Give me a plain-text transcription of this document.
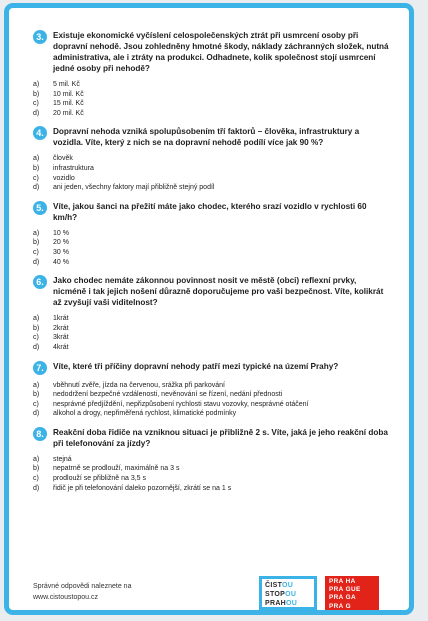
3.	Existuje ekonomické vyčíslení celospolečenských ztrát při usmrcení osoby při dopravní nehodě. Jsou zohledněny hmotné škody, náklady záchranných složek, nutná administrativa, ale i ztráty na produkci. Odhadnete, kolik společnost stojí usmrcení jedné osoby při nehodě?
a)	5 mil. Kč
b)	10 mil. Kč
c)	15 mil. Kč
d)	20 mil. Kč
4.	Dopravní nehoda vzniká spolupůsobením tří faktorů – člověka, infrastruktury a vozidla. Víte, který z nich se na dopravní nehodě podílí více jak 90 %?
a)	člověk
b)	infrastruktura
c)	vozidlo
d)	ani jeden, všechny faktory mají přibližně stejný podíl
5.	Víte, jakou šanci na přežití máte jako chodec, kterého srazí vozidlo v rychlosti 60 km/h?
a)	10 %
b)	20 %
c)	30 %
d)	40 %
6.	Jako chodec nemáte zákonnou povinnost nosit ve městě (obci) reflexní prvky, nicméně i tak jejich nošení důrazně doporučujeme pro vaši bezpečnost. Víte, kolikrát až zvyšují vaši viditelnost?
a)	1krát
b)	2krát
c)	3krát
d)	4krát
7.	Víte, které tři příčiny dopravní nehody patří mezi typické na území Prahy?
a)	vběhnutí zvěře, jízda na červenou, srážka při parkování
b)	nedodržení bezpečné vzdálenosti, nevěnování se řízení, nedání přednosti
c)	nesprávné předjíždění, nepřizpůsobení rychlosti stavu vozovky, nesprávné otáčení
d)	alkohol a drogy, nepřiměřená rychlost, klimatické podmínky
8.	Reakční doba řidiče na vzniknou situaci je přibližně 2 s. Víte, jaká je jeho reakční doba při telefonování za jízdy?
a)	stejná
b)	nepatrně se prodlouží, maximálně na 3 s
c)	prodlouží se přibližně na 3,5 s
d)	řidič je při telefonování daleko pozornější, zkrátí se na 1 s
Správné odpovědi naleznete na
www.cistoustopou.cz
ČISTOU
STOPOU
PRAHOU
PRA HA
PRA GUE
PRA GA
PRA G
